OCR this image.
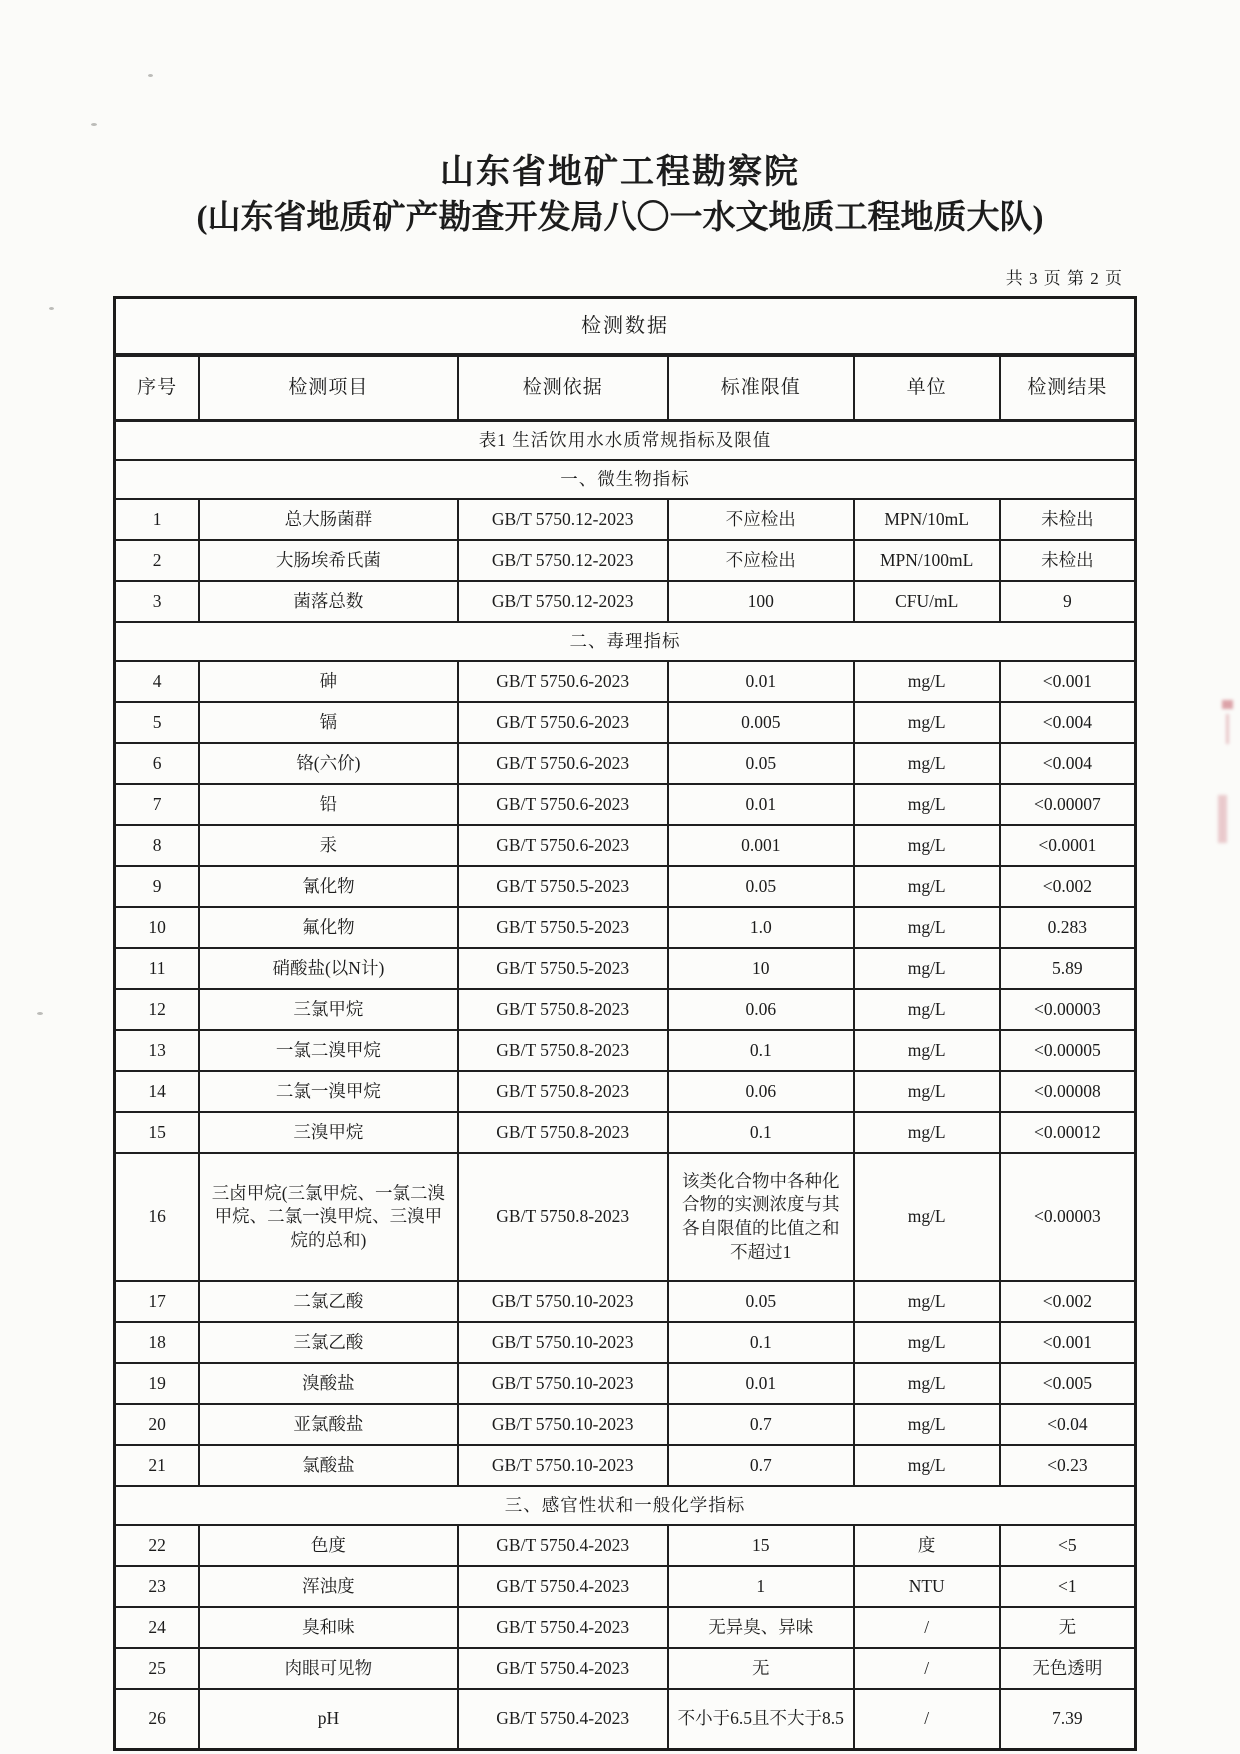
山东省地矿工程勘察院
(山东省地质矿产勘查开发局八〇一水文地质工程地质大队)
共 3 页 第 2 页
检测数据					
序号	检测项目	检测依据	标准限值	单位	检测结果
表1 生活饮用水水质常规指标及限值					
一、微生物指标					
1	总大肠菌群	GB/T 5750.12-2023	不应检出	MPN/10mL	未检出
2	大肠埃希氏菌	GB/T 5750.12-2023	不应检出	MPN/100mL	未检出
3	菌落总数	GB/T 5750.12-2023	100	CFU/mL	9
二、毒理指标					
4	砷	GB/T 5750.6-2023	0.01	mg/L	<0.001
5	镉	GB/T 5750.6-2023	0.005	mg/L	<0.004
6	铬(六价)	GB/T 5750.6-2023	0.05	mg/L	<0.004
7	铅	GB/T 5750.6-2023	0.01	mg/L	<0.00007
8	汞	GB/T 5750.6-2023	0.001	mg/L	<0.0001
9	氰化物	GB/T 5750.5-2023	0.05	mg/L	<0.002
10	氟化物	GB/T 5750.5-2023	1.0	mg/L	0.283
11	硝酸盐(以N计)	GB/T 5750.5-2023	10	mg/L	5.89
12	三氯甲烷	GB/T 5750.8-2023	0.06	mg/L	<0.00003
13	一氯二溴甲烷	GB/T 5750.8-2023	0.1	mg/L	<0.00005
14	二氯一溴甲烷	GB/T 5750.8-2023	0.06	mg/L	<0.00008
15	三溴甲烷	GB/T 5750.8-2023	0.1	mg/L	<0.00012
16	三卤甲烷(三氯甲烷、一氯二溴甲烷、二氯一溴甲烷、三溴甲烷的总和)	GB/T 5750.8-2023	该类化合物中各种化合物的实测浓度与其各自限值的比值之和不超过1	mg/L	<0.00003
17	二氯乙酸	GB/T 5750.10-2023	0.05	mg/L	<0.002
18	三氯乙酸	GB/T 5750.10-2023	0.1	mg/L	<0.001
19	溴酸盐	GB/T 5750.10-2023	0.01	mg/L	<0.005
20	亚氯酸盐	GB/T 5750.10-2023	0.7	mg/L	<0.04
21	氯酸盐	GB/T 5750.10-2023	0.7	mg/L	<0.23
三、感官性状和一般化学指标					
22	色度	GB/T 5750.4-2023	15	度	<5
23	浑浊度	GB/T 5750.4-2023	1	NTU	<1
24	臭和味	GB/T 5750.4-2023	无异臭、异味	/	无
25	肉眼可见物	GB/T 5750.4-2023	无	/	无色透明
26	pH	GB/T 5750.4-2023	不小于6.5且不大于8.5	/	7.39
